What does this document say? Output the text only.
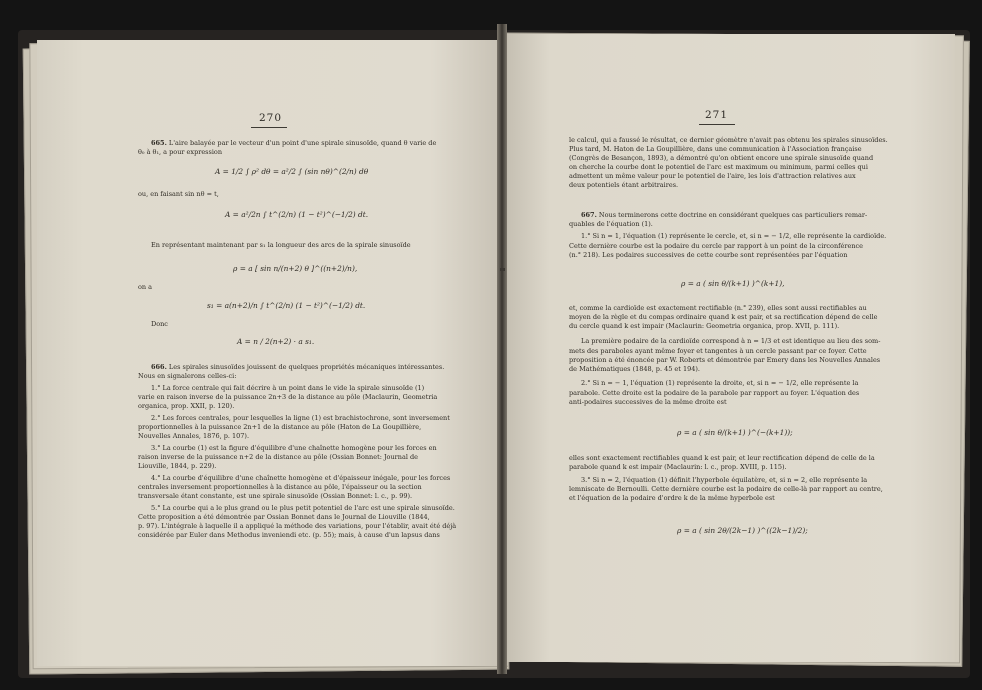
270
665. L'aire balayée par le vecteur d'un point d'une spirale sinusoïde, quand θ varie de
θ₀ à θ₁, a pour expression
A = 1/2 ∫ ρ² dθ = a²/2 ∫ (sin nθ)^(2/n) dθ
ou, en faisant sin nθ = t,
A = a²/2n ∫ t^(2/n) (1 − t²)^(−1/2) dt.
En représentant maintenant par s₁ la longueur des arcs de la spirale sinusoïde
ρ = a [ sin n/(n+2) θ ]^((n+2)/n),
on a
s₁ = a(n+2)/n ∫ t^(2/n) (1 − t²)^(−1/2) dt.
Donc
A = n / 2(n+2) · a s₁.
666. Les spirales sinusoïdes jouissent de quelques propriétés mécaniques intéressantes.
Nous en signalerons celles-ci:
1.° La force centrale qui fait décrire à un point dans le vide la spirale sinusoïde (1)
varie en raison inverse de la puissance 2n+3 de la distance au pôle (Maclaurin, Geometria
organica, prop. XXII, p. 120).
2.° Les forces centrales, pour lesquelles la ligne (1) est brachistochrone, sont inversement
proportionnelles à la puissance 2n+1 de la distance au pôle (Haton de La Goupillière,
Nouvelles Annales, 1876, p. 107).
3.° La courbe (1) est la figure d'équilibre d'une chaînette homogène pour les forces en
raison inverse de la puissance n+2 de la distance au pôle (Ossian Bonnet: Journal de
Liouville, 1844, p. 229).
4.° La courbe d'équilibre d'une chaînette homogène et d'épaisseur inégale, pour les forces
centrales inversement proportionnelles à la distance au pôle, l'épaisseur ou la section
transversale étant constante, est une spirale sinusoïde (Ossian Bonnet: l. c., p. 99).
5.° La courbe qui a le plus grand ou le plus petit potentiel de l'arc est une spirale sinusoïde.
Cette proposition a été démontrée par Ossian Bonnet dans le Journal de Liouville (1844,
p. 97). L'intégrale à laquelle il a appliqué la méthode des variations, pour l'établir, avait été déjà
considérée par Euler dans Methodus inveniendi etc. (p. 55); mais, à cause d'un lapsus dans
271
le calcul, qui a faussé le résultat, ce dernier géomètre n'avait pas obtenu les spirales sinusoïdes.
Plus tard, M. Haton de La Goupillière, dans une communication à l'Association française
(Congrès de Besançon, 1893), a démontré qu'on obtient encore une spirale sinusoïde quand
on cherche la courbe dont le potentiel de l'arc est maximum ou minimum, parmi celles qui
admettent un même valeur pour le potentiel de l'aire, les lois d'attraction relatives aux
deux potentiels étant arbitraires.
667. Nous terminerons cette doctrine en considérant quelques cas particuliers remar-
quables de l'équation (1).
1.° Si n = 1, l'équation (1) représente le cercle, et, si n = − 1/2, elle représente la cardioïde.
Cette dernière courbe est la podaire du cercle par rapport à un point de la circonférence
(n.° 218). Les podaires successives de cette courbe sont représentées par l'équation
ρ = a ( sin θ/(k+1) )^(k+1),
et, comme la cardioïde est exactement rectifiable (n.° 239), elles sont aussi rectifiables au
moyen de la règle et du compas ordinaire quand k est pair, et sa rectification dépend de celle
du cercle quand k est impair (Maclaurin: Geometria organica, prop. XVII, p. 111).
La première podaire de la cardioïde correspond à n = 1/3 et est identique au lieu des som-
mets des paraboles ayant même foyer et tangentes à un cercle passant par ce foyer. Cette
proposition a été énoncée par W. Roberts et démontrée par Emery dans les Nouvelles Annales
de Mathématiques (1848, p. 45 et 194).
2.° Si n = − 1, l'équation (1) représente la droite, et, si n = − 1/2, elle représente la
parabole. Cette droite est la podaire de la parabole par rapport au foyer. L'équation des
anti-podaires successives de la même droite est
ρ = a ( sin θ/(k+1) )^(−(k+1));
elles sont exactement rectifiables quand k est pair, et leur rectification dépend de celle de la
parabole quand k est impair (Maclaurin: l. c., prop. XVIII, p. 115).
3.° Si n = 2, l'équation (1) définit l'hyperbole équilatère, et, si n = 2, elle représente la
lemniscate de Bernoulli. Cette dernière courbe est la podaire de celle-là par rapport au centre,
et l'équation de la podaire d'ordre k de la même hyperbole est
ρ = a ( sin 2θ/(2k−1) )^((2k−1)/2);
